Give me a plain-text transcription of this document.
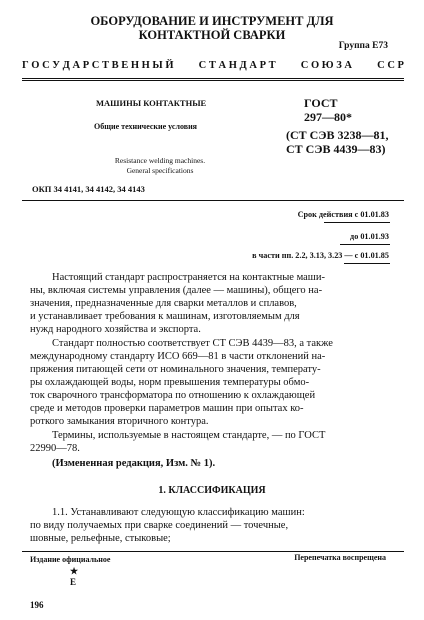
ОБОРУДОВАНИЕ И ИНСТРУМЕНТ ДЛЯ
КОНТАКТНОЙ СВАРКИ
Группа Е73
Г О С У Д А Р С Т В Е Н Н Ы Й С Т А Н Д А Р Т С О Ю З А С С Р
МАШИНЫ КОНТАКТНЫЕ
Общие технические условия
ГОСТ
297—80*
(СТ СЭВ 3238—81,
СТ СЭВ 4439—83)
Resistance welding machines.
General specifications
ОКП 34 4141, 34 4142, 34 4143
Срок действия с 01.01.83
до 01.01.93
в части пп. 2.2, 3.13, 3.23 — с 01.01.85
Настоящий стандарт распространяется на контактные маши-
ны, включая системы управления (далее — машины), общего на-
значения, предназначенные для сварки металлов и сплавов,
и устанавливает требования к машинам, изготовляемым для
нужд народного хозяйства и экспорта.
Стандарт полностью соответствует СТ СЭВ 4439—83, а также
международному стандарту ИСО 669—81 в части отклонений на-
пряжения питающей сети от номинального значения, температу-
ры охлаждающей воды, норм превышения температуры обмо-
ток сварочного трансформатора по отношению к охлаждающей
среде и методов проверки параметров машин при опытах ко-
роткого замыкания вторичного контура.
Термины, используемые в настоящем стандарте, — по ГОСТ
22990—78.
(Измененная редакция, Изм. № 1).
1. КЛАССИФИКАЦИЯ
1.1. Устанавливают следующую классификацию машин:
по виду получаемых при сварке соединений — точечные,
шовные, рельефные, стыковые;
Издание официальное	Перепечатка воспрещена
★
Е
196
